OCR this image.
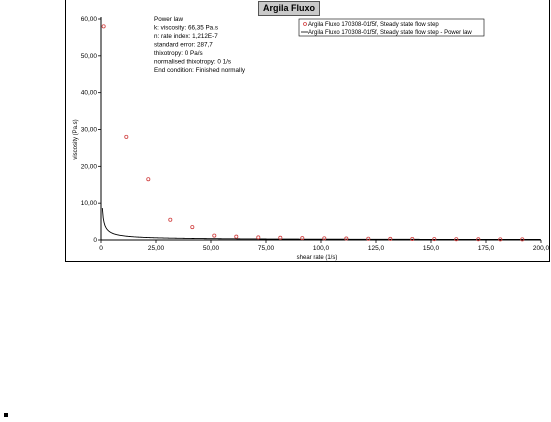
Argila Fluxo
0
10,00
20,00
30,00
40,00
50,00
60,00
0	25,00	50,00	75,00	100,0	125,0	150,0	175,0	200,0
shear rate (1/s)
viscosity (Pa.s)
Power law
k: viscosity: 66,35 Pa.s
n: rate index: 1,212E-7
standard error: 287,7
thixotropy: 0 Pa/s
normalised thixotropy: 0 1/s
End condition: Finished normally
Argila Fluxo 170308-01f5f, Steady state flow step
Argila Fluxo 170308-01f5f, Steady state flow step - Power law
